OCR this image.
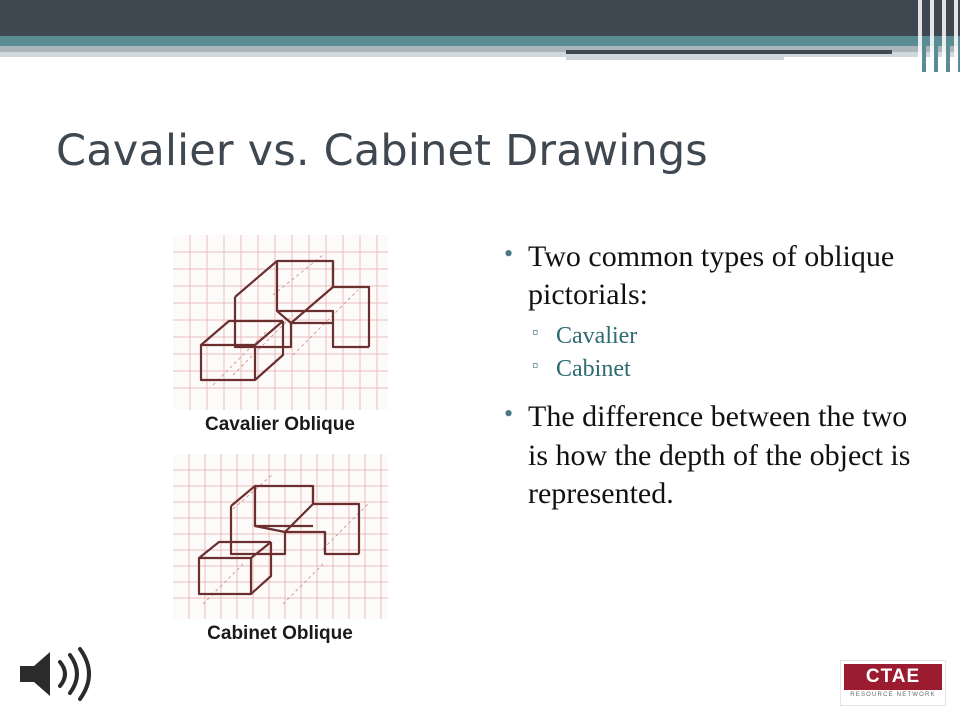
Cavalier vs. Cabinet Drawings
Cavalier Oblique
Cabinet Oblique
• Two common types of oblique pictorials:
▫ Cavalier
▫ Cabinet
• The difference between the two is how the depth of the object is represented.
CTAE
RESOURCE NETWORK
